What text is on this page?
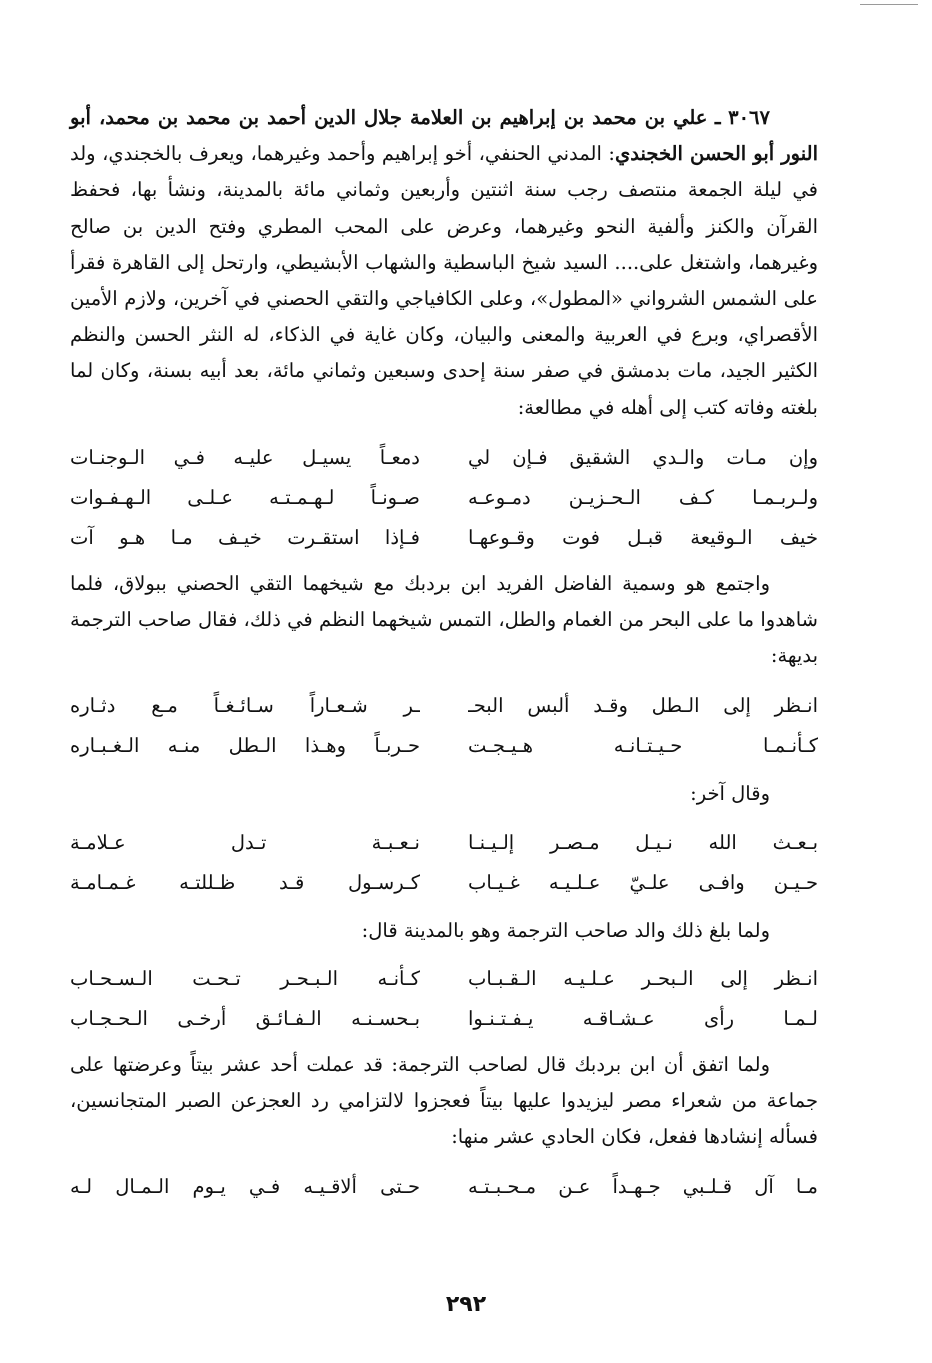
٣٠٦٧ ـ علي بن محمد بن إبراهيم بن العلامة جلال الدين أحمد بن محمد بن محمد، أبو النور أبو الحسن الخجندي: المدني الحنفي، أخو إبراهيم وأحمد وغيرهما، ويعرف بالخجندي، ولد في ليلة الجمعة منتصف رجب سنة اثنتين وأربعين وثماني مائة بالمدينة، ونشأ بها، فحفظ القرآن والكنز وألفية النحو وغيرهما، وعرض على المحب المطري وفتح الدين بن صالح وغيرهما، واشتغل على.... السيد شيخ الباسطية والشهاب الأبشيطي، وارتحل إلى القاهرة فقرأ على الشمس الشرواني «المطول»، وعلى الكافياجي والتقي الحصني في آخرين، ولازم الأمين الأقصراي، وبرع في العربية والمعنى والبيان، وكان غاية في الذكاء، له النثر الحسن والنظم الكثير الجيد، مات بدمشق في صفر سنة إحدى وسبعين وثماني مائة، بعد أبيه بسنة، وكان لما بلغته وفاته كتب إلى أهله في مطالعة:

وإن مـات والـدي الشقيق فـإن لي
دمعـاً يسيـل عليـه فـي الـوجنـات
ولـربـمـا كـف الـحـزيـن دمـوعـه
صـونـاً لـهـمـتـه عـلـى الـهـفـوات
خيف الـوقيعة قبـل فوت وقـوعهـا
فـإذا استقـرت خيـف مـا هـو آت

واجتمع هو وسمية الفاضل الفريد ابن بردبك مع شيخهما التقي الحصني ببولاق، فلما شاهدوا ما على البحر من الغمام والطل، التمس شيخهما النظم في ذلك، فقال صاحب الترجمة بديهة:

انـظر إلى الـطل وقـد ألبس البحـ
ـر شـعـاراً سـائـغـاً مـع دثـاره
كـأنـمـا حـيـتـانـه هـيـجـت
حـربـاً وهـذا الـطل منـه الـغـبـاره

وقال آخر:

بـعـث الله نـيـل مـصـر إلـيـنـا
نـعـبـة تـدل عـلامـة
حـيـن وافـى علـيّ عـلـيـه غـيـاب
كـرسـول قـد ظـللتـه غـمـامـة

ولما بلغ ذلك والد صاحب الترجمة وهو بالمدينة قال:

انـظر إلى الـبحـر عـلـيـه الـقـبـاب
كـأنـه الـبـحـر تـحـت الـسـحـاب
لـمـا رأى عـشـاقـه يـفـتـنـوا
بـحسـنـه الـفـائـق أرخـى الـحـجـاب

ولما اتفق أن ابن بردبك قال لصاحب الترجمة: قد عملت أحد عشر بيتاً وعرضتها على جماعة من شعراء مصر ليزيدوا عليها بيتاً فعجزوا لالتزامي رد العجزعن الصبر المتجانسين، فسأله إنشادها ففعل، فكان الحادي عشر منها:

مـا آل قـلـبي جـهـداً عـن مـحـبـتـه
حـتى ألاقـيـه فـي يـوم الـمـال لـه
٢٩٢
